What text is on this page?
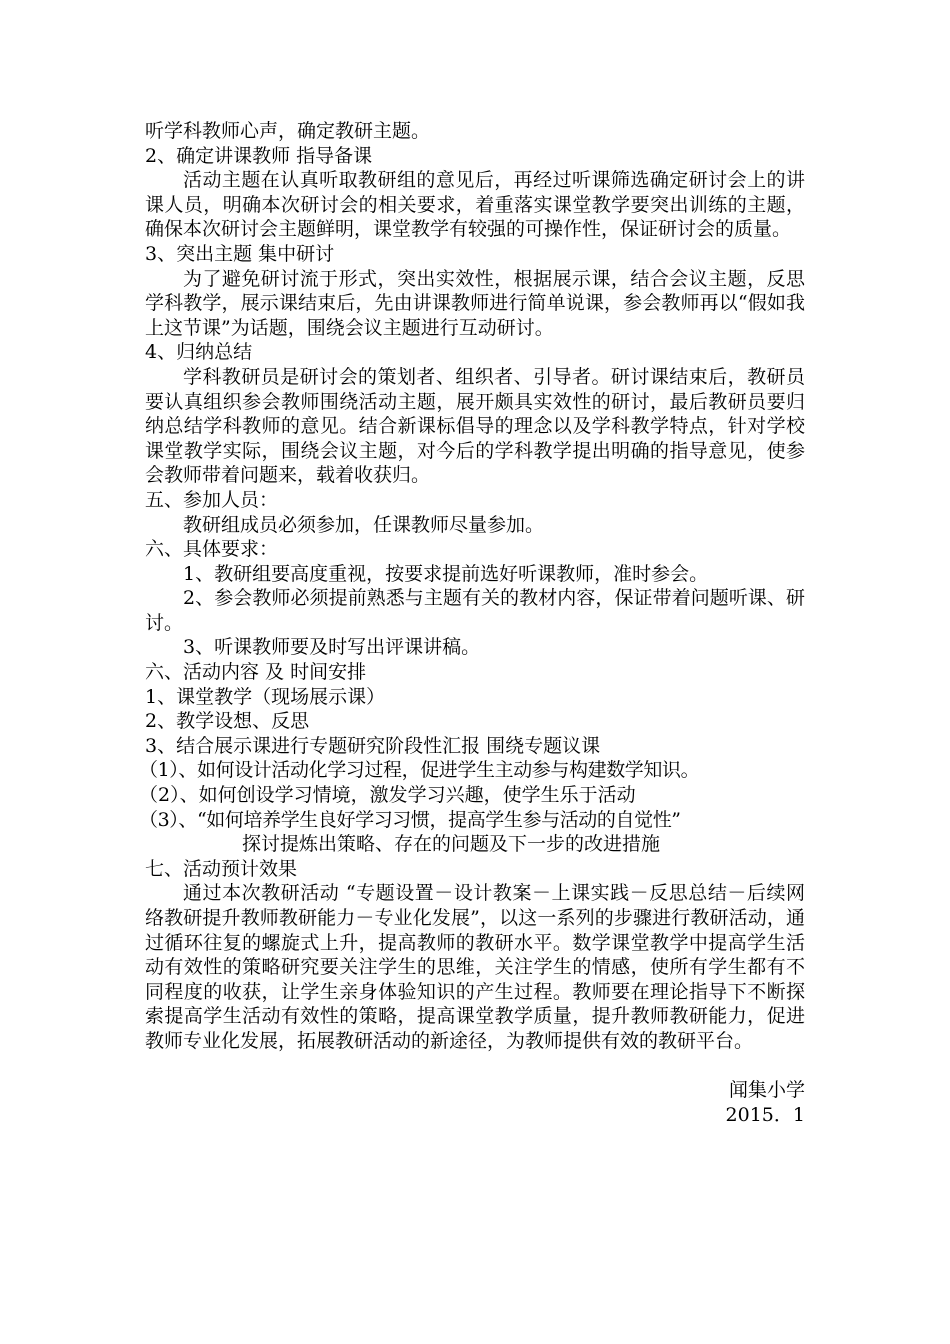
听学科教师心声，确定教研主题。

2、确定讲课教师 指导备课

活动主题在认真听取教研组的意见后，再经过听课筛选确定研讨会上的讲课人员，明确本次研讨会的相关要求，着重落实课堂教学要突出训练的主题，确保本次研讨会主题鲜明，课堂教学有较强的可操作性，保证研讨会的质量。

3、突出主题 集中研讨

为了避免研讨流于形式，突出实效性，根据展示课，结合会议主题，反思学科教学，展示课结束后，先由讲课教师进行简单说课，参会教师再以“假如我上这节课”为话题，围绕会议主题进行互动研讨。

4、归纳总结

学科教研员是研讨会的策划者、组织者、引导者。研讨课结束后，教研员要认真组织参会教师围绕活动主题，展开颇具实效性的研讨，最后教研员要归纳总结学科教师的意见。结合新课标倡导的理念以及学科教学特点，针对学校课堂教学实际，围绕会议主题，对今后的学科教学提出明确的指导意见，使参会教师带着问题来，载着收获归。

五、参加人员：

教研组成员必须参加，任课教师尽量参加。

六、具体要求：

1、教研组要高度重视，按要求提前选好听课教师，准时参会。

2、参会教师必须提前熟悉与主题有关的教材内容，保证带着问题听课、研讨。

3、听课教师要及时写出评课讲稿。

六、活动内容 及 时间安排

1、课堂教学（现场展示课）

2、教学设想、反思

3、结合展示课进行专题研究阶段性汇报 围绕专题议课

（1）、如何设计活动化学习过程，促进学生主动参与构建数学知识。

（2）、如何创设学习情境，激发学习兴趣，使学生乐于活动

（3）、“如何培养学生良好学习习惯，提高学生参与活动的自觉性”

探讨提炼出策略、存在的问题及下一步的改进措施

七、活动预计效果

通过本次教研活动 “专题设置－设计教案－上课实践－反思总结－后续网络教研提升教师教研能力－专业化发展”，以这一系列的步骤进行教研活动，通过循环往复的螺旋式上升，提高教师的教研水平。数学课堂教学中提高学生活动有效性的策略研究要关注学生的思维，关注学生的情感，使所有学生都有不同程度的收获，让学生亲身体验知识的产生过程。教师要在理论指导下不断探索提高学生活动有效性的策略，提高课堂教学质量，提升教师教研能力，促进教师专业化发展，拓展教研活动的新途径，为教师提供有效的教研平台。

闻集小学

2015．1
